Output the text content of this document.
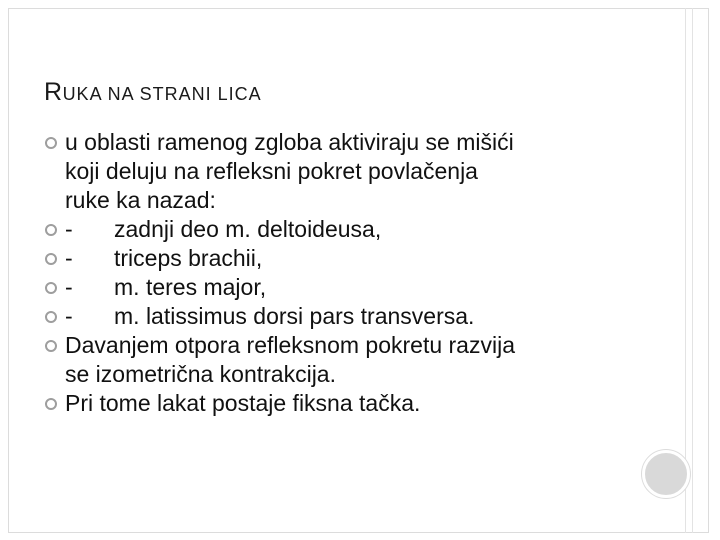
RUKA NA STRANI LICA
u oblasti ramenog zgloba aktiviraju se mišići
koji deluju na refleksni pokret povlačenja
ruke ka nazad:
- zadnji deo m. deltoideusa,
- triceps brachii,
- m. teres major,
- m. latissimus dorsi pars transversa.
Davanjem otpora refleksnom pokretu razvija
se izometrična kontrakcija.
Pri tome lakat postaje fiksna tačka.
